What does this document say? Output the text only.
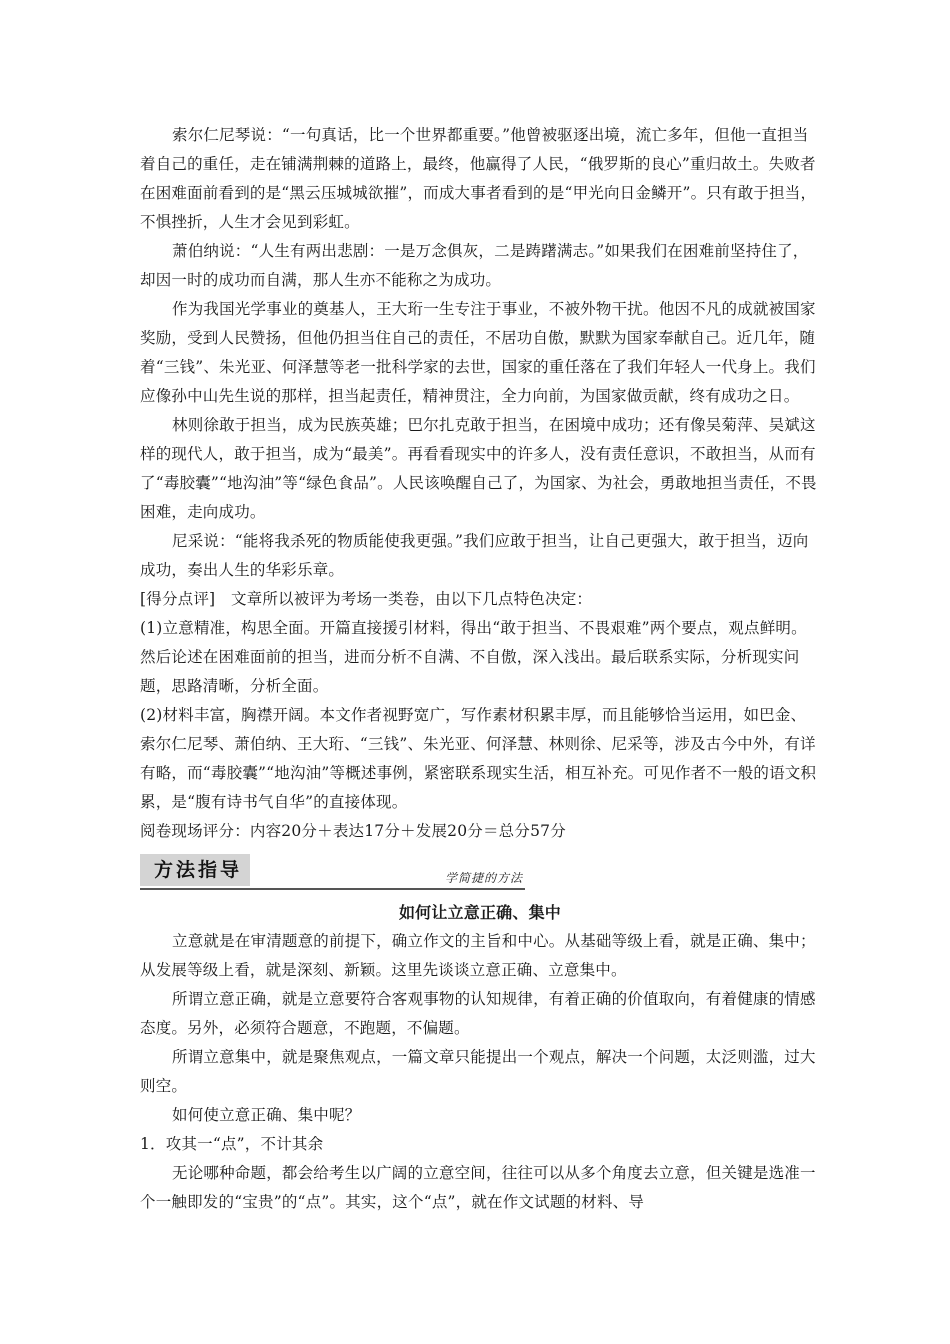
索尔仁尼琴说：“一句真话，比一个世界都重要。”他曾被驱逐出境，流亡多年，但他一直担当着自己的重任，走在铺满荆棘的道路上，最终，他赢得了人民，“俄罗斯的良心”重归故土。失败者在困难面前看到的是“黑云压城城欲摧”，而成大事者看到的是“甲光向日金鳞开”。只有敢于担当，不惧挫折，人生才会见到彩虹。

萧伯纳说：“人生有两出悲剧：一是万念俱灰，二是踌躇满志。”如果我们在困难前坚持住了，却因一时的成功而自满，那人生亦不能称之为成功。

作为我国光学事业的奠基人，王大珩一生专注于事业，不被外物干扰。他因不凡的成就被国家奖励，受到人民赞扬，但他仍担当住自己的责任，不居功自傲，默默为国家奉献自己。近几年，随着“三钱”、朱光亚、何泽慧等老一批科学家的去世，国家的重任落在了我们年轻人一代身上。我们应像孙中山先生说的那样，担当起责任，精神贯注，全力向前，为国家做贡献，终有成功之日。

林则徐敢于担当，成为民族英雄；巴尔扎克敢于担当，在困境中成功；还有像吴菊萍、吴斌这样的现代人，敢于担当，成为“最美”。再看看现实中的许多人，没有责任意识，不敢担当，从而有了“毒胶囊”“地沟油”等“绿色食品”。人民该唤醒自己了，为国家、为社会，勇敢地担当责任，不畏困难，走向成功。

尼采说：“能将我杀死的物质能使我更强。”我们应敢于担当，让自己更强大，敢于担当，迈向成功，奏出人生的华彩乐章。

[得分点评]　文章所以被评为考场一类卷，由以下几点特色决定：

(1)立意精准，构思全面。开篇直接援引材料，得出“敢于担当、不畏艰难”两个要点，观点鲜明。然后论述在困难面前的担当，进而分析不自满、不自傲，深入浅出。最后联系实际，分析现实问题，思路清晰，分析全面。

(2)材料丰富，胸襟开阔。本文作者视野宽广，写作素材积累丰厚，而且能够恰当运用，如巴金、索尔仁尼琴、萧伯纳、王大珩、“三钱”、朱光亚、何泽慧、林则徐、尼采等，涉及古今中外，有详有略，而“毒胶囊”“地沟油”等概述事例，紧密联系现实生活，相互补充。可见作者不一般的语文积累，是“腹有诗书气自华”的直接体现。

阅卷现场评分：内容20分＋表达17分＋发展20分＝总分57分

方法指导	学简捷的方法

如何让立意正确、集中

立意就是在审清题意的前提下，确立作文的主旨和中心。从基础等级上看，就是正确、集中；从发展等级上看，就是深刻、新颖。这里先谈谈立意正确、立意集中。

所谓立意正确，就是立意要符合客观事物的认知规律，有着正确的价值取向，有着健康的情感态度。另外，必须符合题意，不跑题，不偏题。

所谓立意集中，就是聚焦观点，一篇文章只能提出一个观点，解决一个问题，太泛则滥，过大则空。

如何使立意正确、集中呢？

1．攻其一“点”，不计其余

无论哪种命题，都会给考生以广阔的立意空间，往往可以从多个角度去立意，但关键是选准一个一触即发的“宝贵”的“点”。其实，这个“点”，就在作文试题的材料、导
